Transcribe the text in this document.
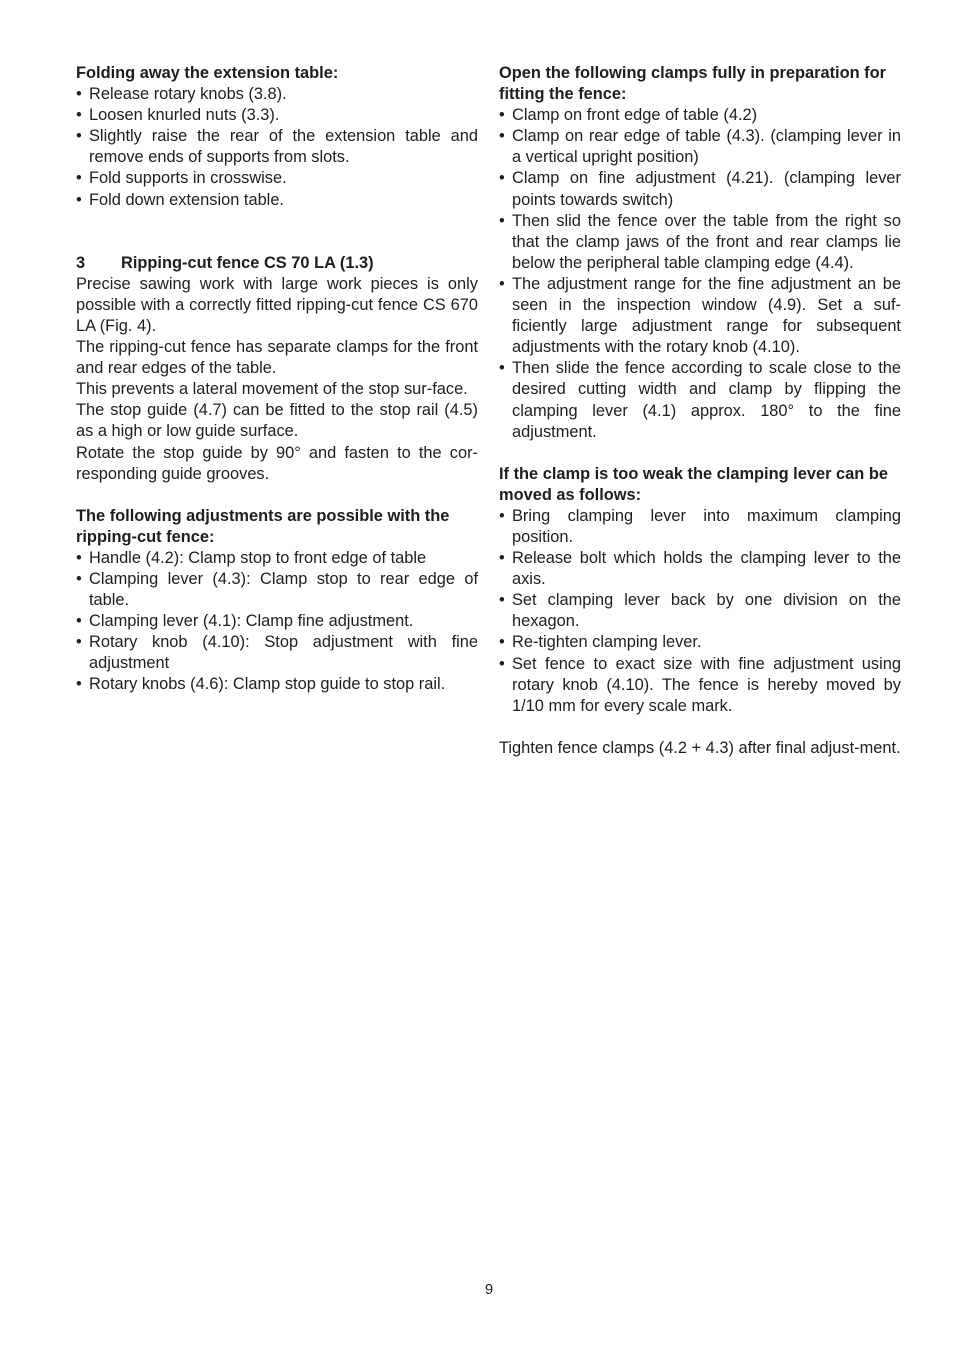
Folding away the extension table:

• Release rotary knobs (3.8).
• Loosen knurled nuts (3.3).
• Slightly raise the rear of the extension table and remove ends of supports from slots.
• Fold supports in crosswise.
• Fold down extension table.

3	Ripping-cut fence CS 70 LA (1.3)

Precise sawing work with large work pieces is only possible with a correctly fitted ripping-cut fence CS 670 LA (Fig. 4).

The ripping-cut fence has separate clamps for the front and rear edges of the table.

This prevents a lateral movement of the stop sur-face.

The stop guide (4.7) can be fitted to the stop rail (4.5) as a high or low guide surface.

Rotate the stop guide by 90° and fasten to the cor-responding guide grooves.

The following adjustments are possible with the ripping-cut fence:

• Handle (4.2): Clamp stop to front edge of table
• Clamping lever (4.3): Clamp stop to rear edge of table.
• Clamping lever (4.1): Clamp fine adjustment.
• Rotary knob (4.10): Stop adjustment with fine adjustment
• Rotary knobs (4.6): Clamp stop guide to stop rail.

Open the following clamps fully in preparation for fitting the fence:

• Clamp on front edge of table (4.2)
• Clamp on rear edge of table (4.3). (clamping lever in a vertical upright position)
• Clamp on fine adjustment (4.21). (clamping lever points towards switch)
• Then slid the fence over the table from the right so that the clamp jaws of the front and rear clamps lie below the peripheral table clamping edge (4.4).
• The adjustment range for the fine adjustment an be seen in the inspection window (4.9). Set a suf-ficiently large adjustment range for subsequent adjustments with the rotary knob (4.10).
• Then slide the fence according to scale close to the desired cutting width and clamp by flipping the clamping lever (4.1) approx. 180° to the fine adjustment.

If the clamp is too weak the clamping lever can be moved as follows:

• Bring clamping lever into maximum clamping position.
• Release bolt which holds the clamping lever to the axis.
• Set clamping lever back by one division on the hexagon.
• Re-tighten clamping lever.
• Set fence to exact size with fine adjustment using rotary knob (4.10). The fence is hereby moved by 1/10 mm for every scale mark.

Tighten fence clamps (4.2 + 4.3) after final adjust-ment.

9
